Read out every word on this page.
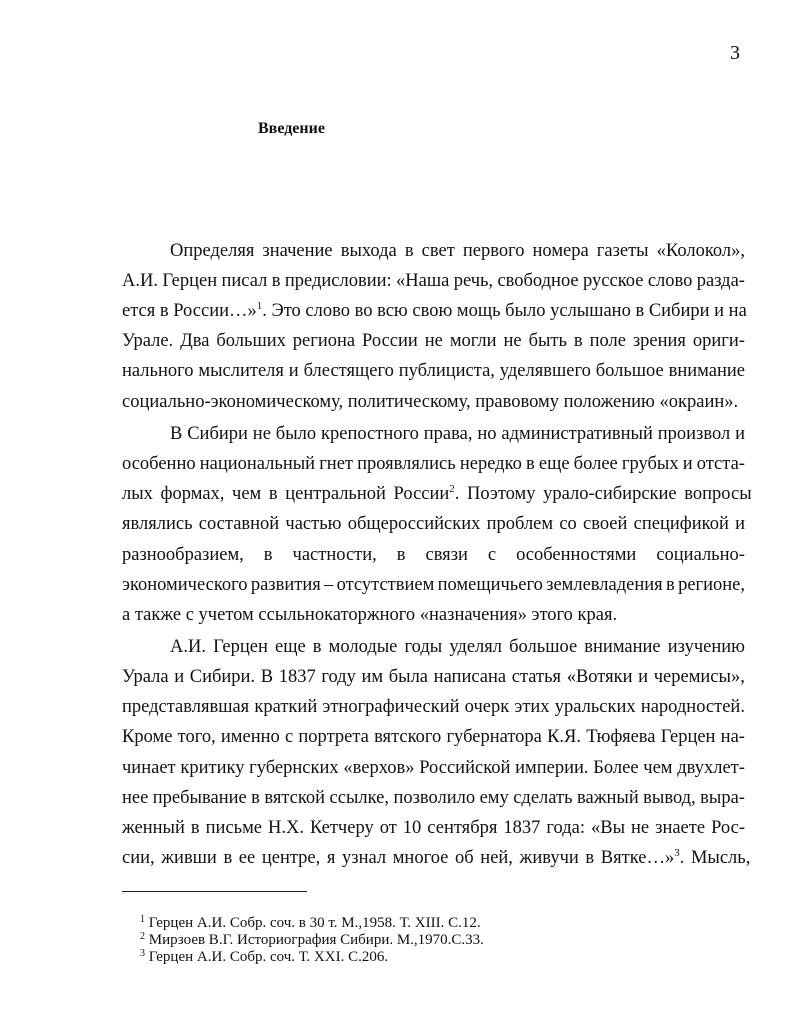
3
Введение
Определяя значение выхода в свет первого номера газеты «Колокол»,
А.И. Герцен писал в предисловии: «Наша речь, свободное русское слово разда-
ется в России…»$^1$. Это слово во всю свою мощь было услышано в Сибири и на
Урале. Два больших региона России не могли не быть в поле зрения ориги-
нального мыслителя и блестящего публициста, уделявшего большое внимание
социально-экономическому, политическому, правовому положению «окраин».
В Сибири не было крепостного права, но административный произвол и
особенно национальный гнет проявлялись нередко в еще более грубых и отста-
лых формах, чем в центральной России$^2$. Поэтому урало-сибирские вопросы
являлись составной частью общероссийских проблем со своей спецификой и
разнообразием, в частности, в связи с особенностями социально-
экономического развития – отсутствием помещичьего землевладения в регионе,
а также с учетом ссыльнокаторжного «назначения» этого края.
А.И. Герцен еще в молодые годы уделял большое внимание изучению
Урала и Сибири. В 1837 году им была написана статья «Вотяки и черемисы»,
представлявшая краткий этнографический очерк этих уральских народностей.
Кроме того, именно с портрета вятского губернатора К.Я. Тюфяева Герцен на-
чинает критику губернских «верхов» Российской империи. Более чем двухлет-
нее пребывание в вятской ссылке, позволило ему сделать важный вывод, выра-
женный в письме Н.Х. Кетчеру от 10 сентября 1837 года: «Вы не знаете Рос-
сии, живши в ее центре, я узнал многое об ней, живучи в Вятке…»$^3$. Мысль,
$^1$ Герцен А.И. Собр. соч. в 30 т. М.,1958. Т. XIII. С.12.
$^2$ Мирзоев В.Г. Историография Сибири. М.,1970.С.33.
$^3$ Герцен А.И. Собр. соч. Т. XXI. С.206.
